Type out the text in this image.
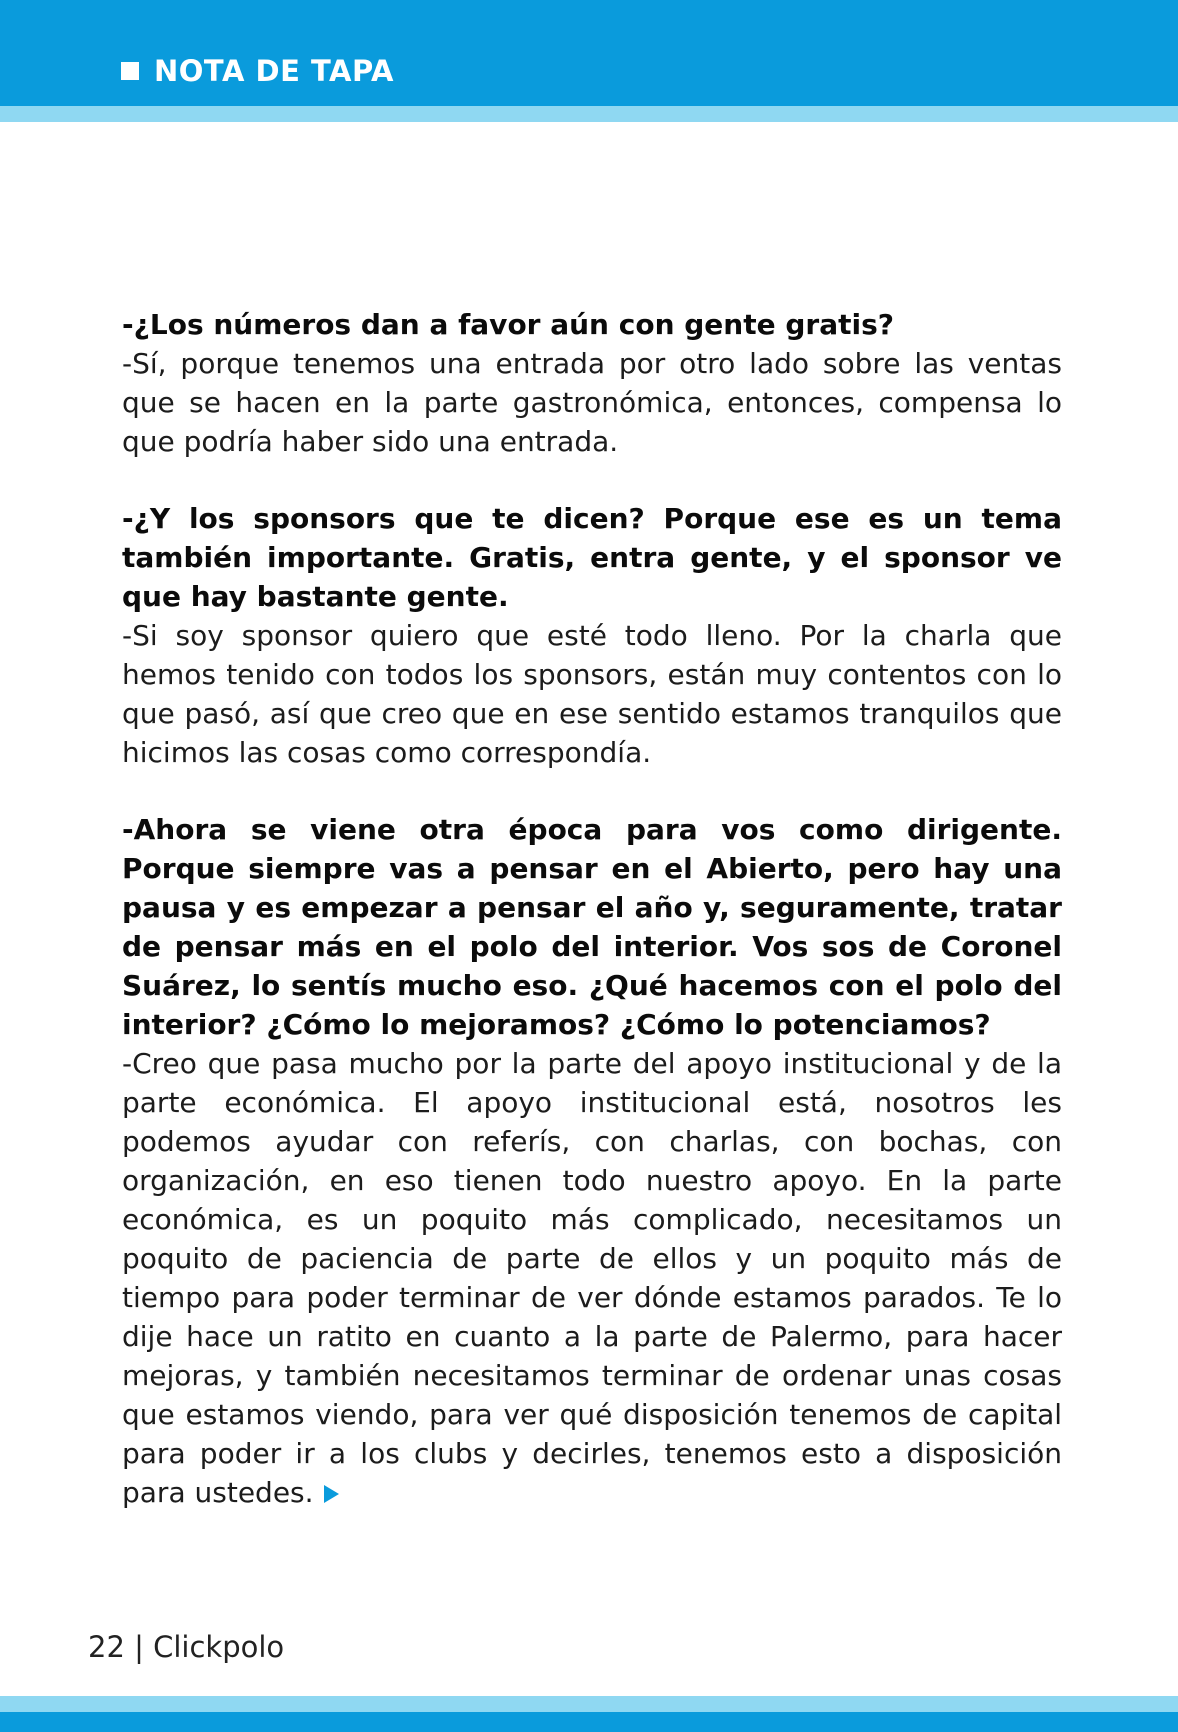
NOTA DE TAPA

-¿Los números dan a favor aún con gente gratis?

-Sí, porque tenemos una entrada por otro lado sobre las ventas que se hacen en la parte gastronómica, entonces, compensa lo que podría haber sido una entrada.

-¿Y los sponsors que te dicen? Porque ese es un tema también importante. Gratis, entra gente, y el sponsor ve que hay bastante gente.

-Si soy sponsor quiero que esté todo lleno. Por la charla que hemos tenido con todos los sponsors, están muy contentos con lo que pasó, así que creo que en ese sentido estamos tranquilos que hicimos las cosas como correspondía.

-Ahora se viene otra época para vos como dirigente. Porque siempre vas a pensar en el Abierto, pero hay una pausa y es empezar a pensar el año y, seguramente, tratar de pensar más en el polo del interior. Vos sos de Coronel Suárez, lo sentís mucho eso. ¿Qué hacemos con el polo del interior? ¿Cómo lo mejoramos? ¿Cómo lo potenciamos?

-Creo que pasa mucho por la parte del apoyo institucional y de la parte económica. El apoyo institucional está, nosotros les podemos ayudar con referís, con charlas, con bochas, con organización, en eso tienen todo nuestro apoyo. En la parte económica, es un poquito más complicado, necesitamos un poquito de paciencia de parte de ellos y un poquito más de tiempo para poder terminar de ver dónde estamos parados. Te lo dije hace un ratito en cuanto a la parte de Palermo, para hacer mejoras, y también necesitamos terminar de ordenar unas cosas que estamos viendo, para ver qué disposición tenemos de capital para poder ir a los clubs y decirles, tenemos esto a disposición para ustedes.

22 | Clickpolo
